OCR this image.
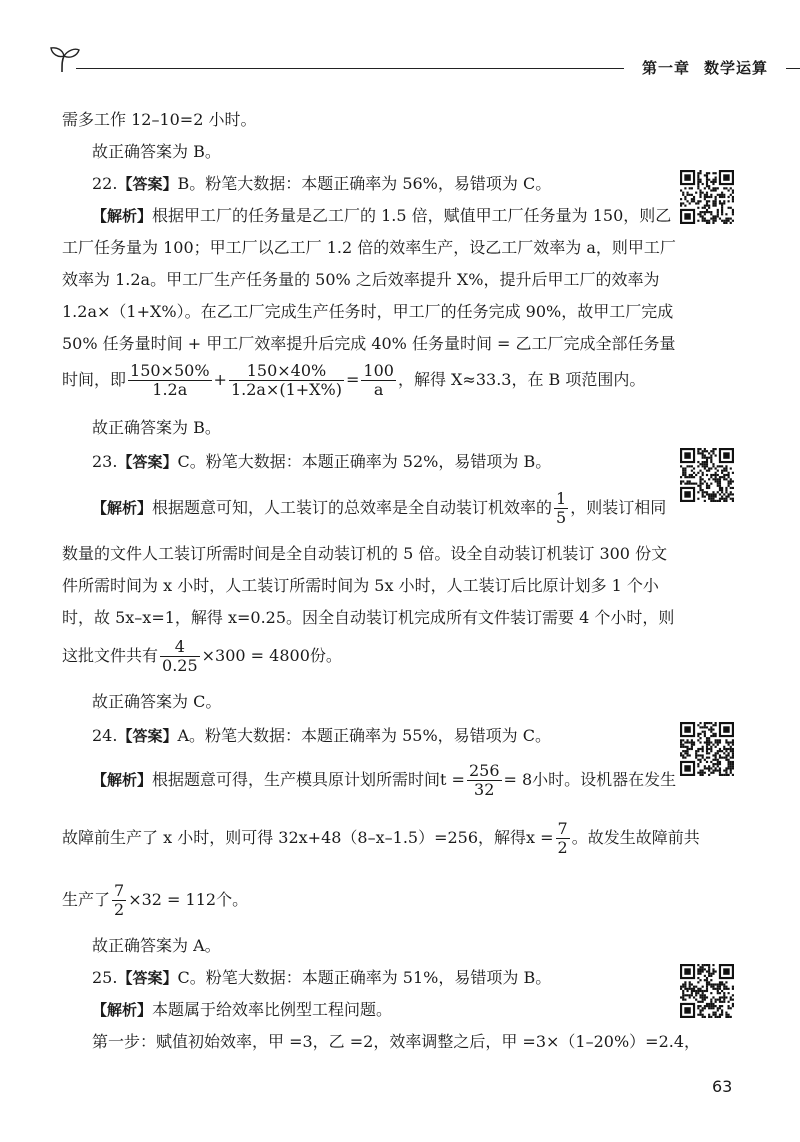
第一章 数学运算
需多工作 12–10=2 小时。
故正确答案为 B。
22.【答案】B。粉笔大数据：本题正确率为 56%，易错项为 C。
【解析】根据甲工厂的任务量是乙工厂的 1.5 倍，赋值甲工厂任务量为 150，则乙
工厂任务量为 100；甲工厂以乙工厂 1.2 倍的效率生产，设乙工厂效率为 a，则甲工厂
效率为 1.2a。甲工厂生产任务量的 50% 之后效率提升 X%，提升后甲工厂的效率为
1.2a×（1+X%）。在乙工厂完成生产任务时，甲工厂的任务完成 90%，故甲工厂完成
50% 任务量时间 + 甲工厂效率提升后完成 40% 任务量时间 = 乙工厂完成全部任务量
时间，即 $\frac{150\times 50\%}{1.2a} + \frac{150\times 40\%}{1.2a\times(1+X\%)} = \frac{100}{a}$ ，解得 X≈33.3，在 B 项范围内。
故正确答案为 B。
23.【答案】C。粉笔大数据：本题正确率为 52%，易错项为 B。
【解析】根据题意可知，人工装订的总效率是全自动装订机效率的 $\frac{1}{5}$ ，则装订相同
数量的文件人工装订所需时间是全自动装订机的 5 倍。设全自动装订机装订 300 份文
件所需时间为 x 小时，人工装订所需时间为 5x 小时，人工装订后比原计划多 1 个小
时，故 5x–x=1，解得 x=0.25。因全自动装订机完成所有文件装订需要 4 个小时，则
这批文件共有 $\frac{4}{0.25} \times 300 = 4800$份。
故正确答案为 C。
24.【答案】A。粉笔大数据：本题正确率为 55%，易错项为 C。
【解析】根据题意可得，生产模具原计划所需时间$t = \frac{256}{32} = 8$小时。设机器在发生
故障前生产了 x 小时，则可得 32x+48（8–x–1.5）=256，解得$x = \frac{7}{2}$ 。故发生故障前共
生产了 $\frac{7}{2} \times 32 = 112$个。
故正确答案为 A。
25.【答案】C。粉笔大数据：本题正确率为 51%，易错项为 B。
【解析】本题属于给效率比例型工程问题。
第一步：赋值初始效率，甲 =3，乙 =2，效率调整之后，甲 =3×（1–20%）=2.4，
63
